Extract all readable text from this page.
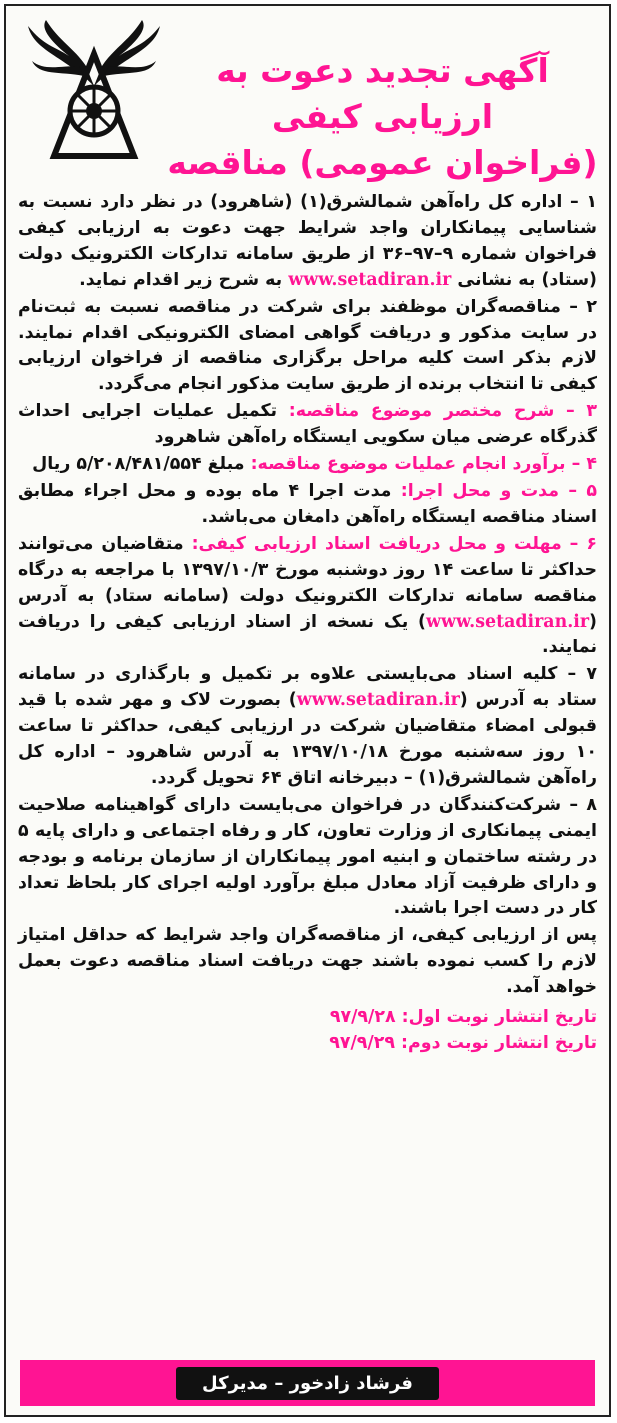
آگهی تجدید دعوت به
ارزیابی کیفی
(فراخوان عمومی) مناقصه

۱ – اداره کل راه‌آهن شمالشرق(۱) (شاهرود) در نظر دارد نسبت به شناسایی پیمانکاران واجد شرایط جهت دعوت به ارزیابی کیفی فراخوان شماره ۹–۹۷–۳۶ از طریق سامانه تدارکات الکترونیک دولت (ستاد) به نشانی www.setadiran.ir به شرح زیر اقدام نماید.

۲ – مناقصه‌گران موظفند برای شرکت در مناقصه نسبت به ثبت‌نام در سایت مذکور و دریافت گواهی امضای الکترونیکی اقدام نمایند. لازم بذکر است کلیه مراحل برگزاری مناقصه از فراخوان ارزیابی کیفی تا انتخاب برنده از طریق سایت مذکور انجام می‌گردد.

۳ – شرح مختصر موضوع مناقصه: تکمیل عملیات اجرایی احداث گذرگاه عرضی میان سکویی ایستگاه راه‌آهن شاهرود

۴ – برآورد انجام عملیات موضوع مناقصه: مبلغ ۵/۲۰۸/۴۸۱/۵۵۴ ریال

۵ – مدت و محل اجرا: مدت اجرا ۴ ماه بوده و محل اجراء مطابق اسناد مناقصه ایستگاه راه‌آهن دامغان می‌باشد.

۶ – مهلت و محل دریافت اسناد ارزیابی کیفی: متقاضیان می‌توانند حداکثر تا ساعت ۱۴ روز دوشنبه مورخ ۱۳۹۷/۱۰/۳ با مراجعه به درگاه مناقصه سامانه تدارکات الکترونیک دولت (سامانه ستاد) به آدرس (www.setadiran.ir) یک نسخه از اسناد ارزیابی کیفی را دریافت نمایند.

۷ – کلیه اسناد می‌بایستی علاوه بر تکمیل و بارگذاری در سامانه ستاد به آدرس (www.setadiran.ir) بصورت لاک و مهر شده با قید قبولی امضاء متقاضیان شرکت در ارزیابی کیفی، حداکثر تا ساعت ۱۰ روز سه‌شنبه مورخ ۱۳۹۷/۱۰/۱۸ به آدرس شاهرود – اداره کل راه‌آهن شمالشرق(۱) – دبیرخانه اتاق ۶۴ تحویل گردد.

۸ – شرکت‌کنندگان در فراخوان می‌بایست دارای گواهینامه صلاحیت ایمنی پیمانکاری از وزارت تعاون، کار و رفاه اجتماعی و دارای پایه ۵ در رشته ساختمان و ابنیه امور پیمانکاران از سازمان برنامه و بودجه و دارای ظرفیت آزاد معادل مبلغ برآورد اولیه اجرای کار بلحاظ تعداد کار در دست اجرا باشند.

پس از ارزیابی کیفی، از مناقصه‌گران واجد شرایط که حداقل امتیاز لازم را کسب نموده باشند جهت دریافت اسناد مناقصه دعوت بعمل خواهد آمد.

تاریخ انتشار نوبت اول: ۹۷/۹/۲۸
تاریخ انتشار نوبت دوم: ۹۷/۹/۲۹
فرشاد زادخور – مدیرکل
